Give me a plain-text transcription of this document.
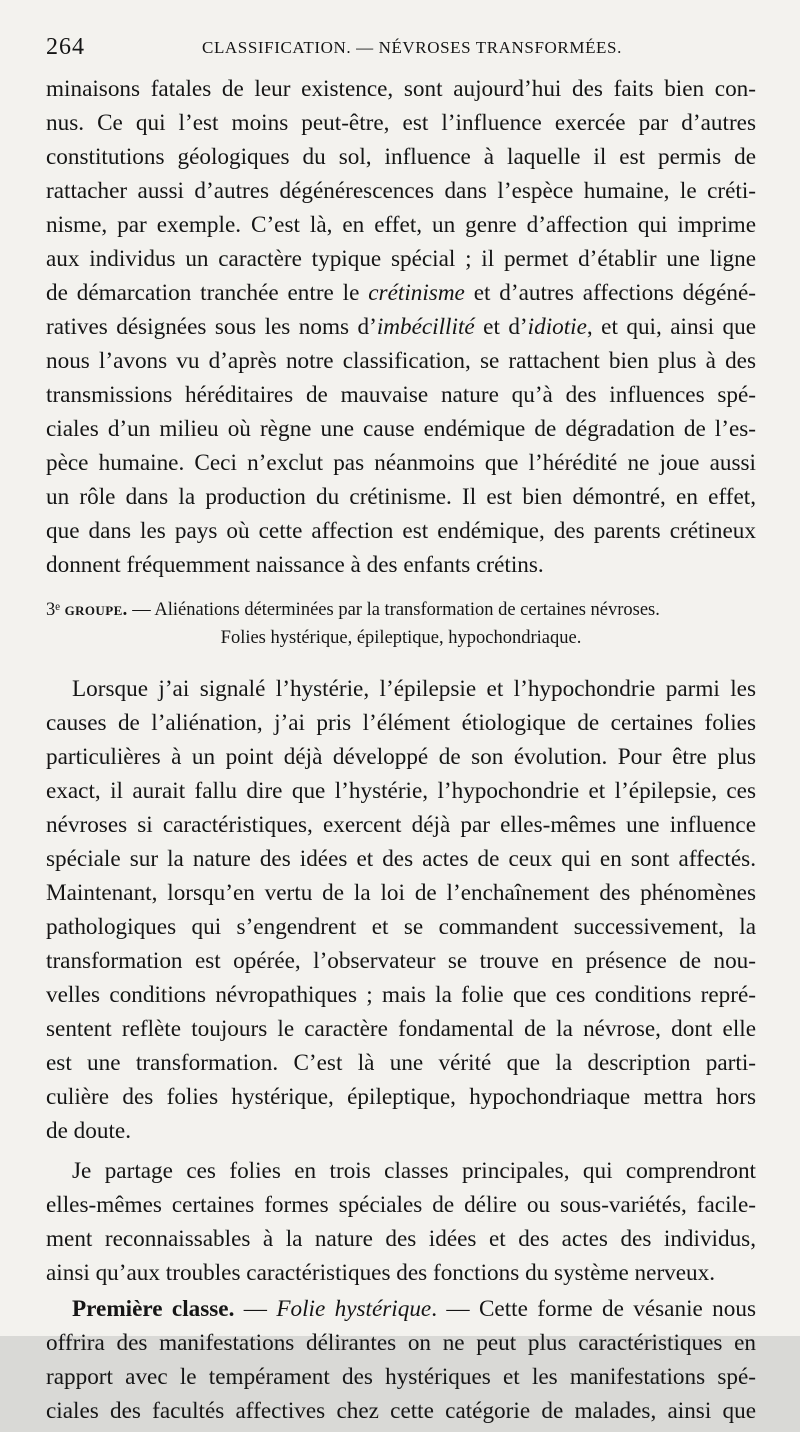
264	CLASSIFICATION. — NÉVROSES TRANSFORMÉES.
minaisons fatales de leur existence, sont aujourd’hui des faits bien con-
nus. Ce qui l’est moins peut-être, est l’influence exercée par d’autres
constitutions géologiques du sol, influence à laquelle il est permis de
rattacher aussi d’autres dégénérescences dans l’espèce humaine, le créti-
nisme, par exemple. C’est là, en effet, un genre d’affection qui imprime
aux individus un caractère typique spécial ; il permet d’établir une ligne
de démarcation tranchée entre le crétinisme et d’autres affections dégéné-
ratives désignées sous les noms d’imbécillité et d’idiotie, et qui, ainsi que
nous l’avons vu d’après notre classification, se rattachent bien plus à des
transmissions héréditaires de mauvaise nature qu’à des influences spé-
ciales d’un milieu où règne une cause endémique de dégradation de l’es-
pèce humaine. Ceci n’exclut pas néanmoins que l’hérédité ne joue aussi
un rôle dans la production du crétinisme. Il est bien démontré, en effet,
que dans les pays où cette affection est endémique, des parents crétineux
donnent fréquemment naissance à des enfants crétins.
3ᵉ groupe. — Aliénations déterminées par la transformation de certaines névroses.
Folies hystérique, épileptique, hypochondriaque.
Lorsque j’ai signalé l’hystérie, l’épilepsie et l’hypochondrie parmi les
causes de l’aliénation, j’ai pris l’élément étiologique de certaines folies
particulières à un point déjà développé de son évolution. Pour être plus
exact, il aurait fallu dire que l’hystérie, l’hypochondrie et l’épilepsie, ces
névroses si caractéristiques, exercent déjà par elles-mêmes une influence
spéciale sur la nature des idées et des actes de ceux qui en sont affectés.
Maintenant, lorsqu’en vertu de la loi de l’enchaînement des phénomènes
pathologiques qui s’engendrent et se commandent successivement, la
transformation est opérée, l’observateur se trouve en présence de nou-
velles conditions névropathiques ; mais la folie que ces conditions repré-
sentent reflète toujours le caractère fondamental de la névrose, dont elle
est une transformation. C’est là une vérité que la description parti-
culière des folies hystérique, épileptique, hypochondriaque mettra hors
de doute.
Je partage ces folies en trois classes principales, qui comprendront
elles-mêmes certaines formes spéciales de délire ou sous-variétés, facile-
ment reconnaissables à la nature des idées et des actes des individus,
ainsi qu’aux troubles caractéristiques des fonctions du système nerveux.
Première classe. — Folie hystérique. — Cette forme de vésanie nous
offrira des manifestations délirantes on ne peut plus caractéristiques en
rapport avec le tempérament des hystériques et les manifestations spé-
ciales des facultés affectives chez cette catégorie de malades, ainsi que
